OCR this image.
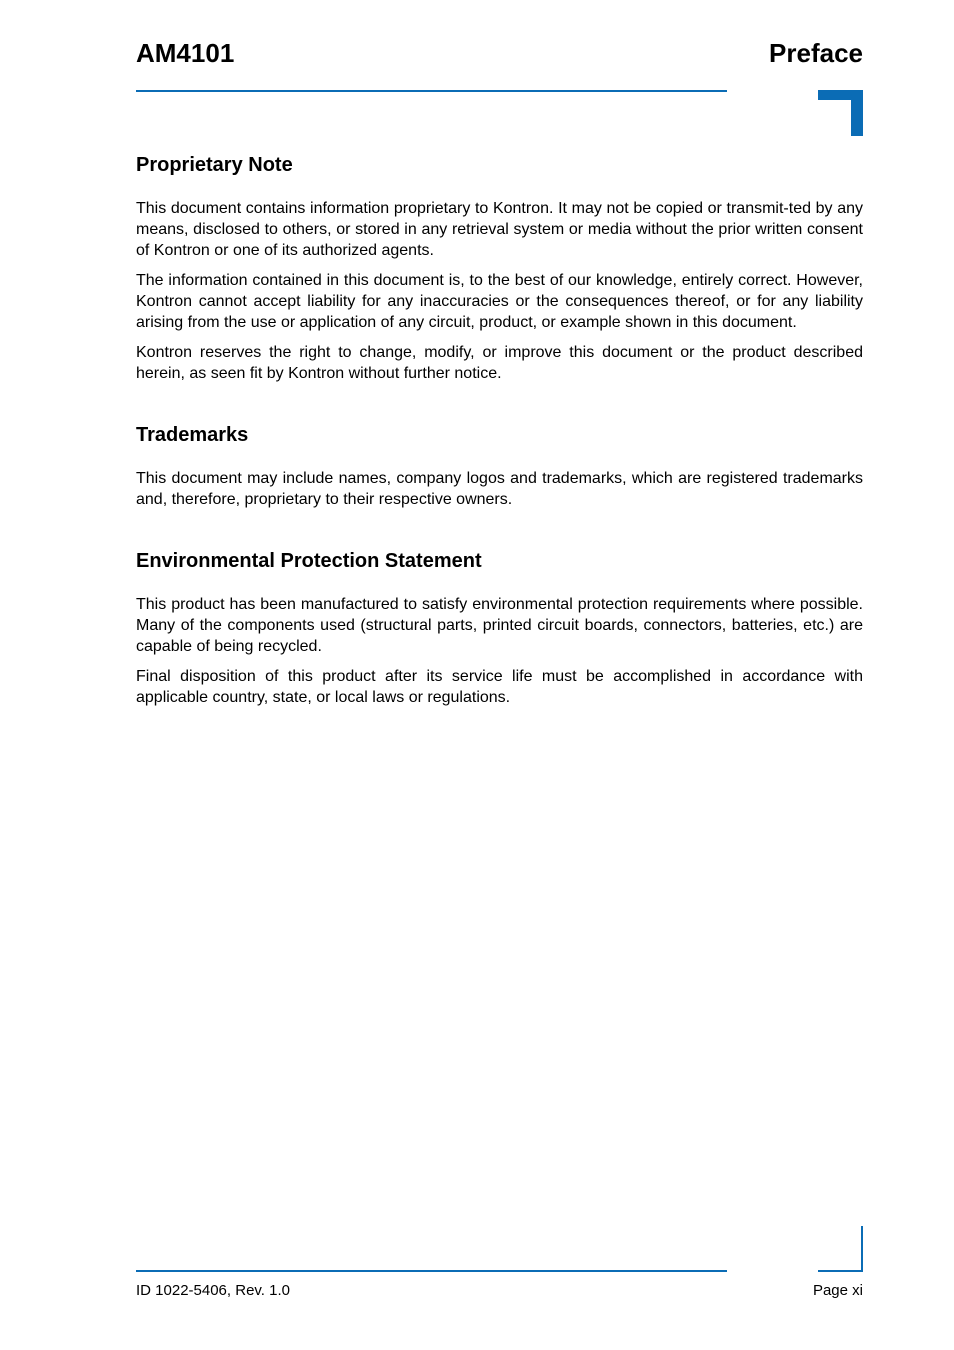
AM4101	Preface
Proprietary Note

This document contains information proprietary to Kontron. It may not be copied or transmit-ted by any means, disclosed to others, or stored in any retrieval system or media without the prior written consent of Kontron or one of its authorized agents.

The information contained in this document is, to the best of our knowledge, entirely correct. However, Kontron cannot accept liability for any inaccuracies or the consequences thereof, or for any liability arising from the use or application of any circuit, product, or example shown in this document.

Kontron reserves the right to change, modify, or improve this document or the product described herein, as seen fit by Kontron without further notice.

Trademarks

This document may include names, company logos and trademarks, which are registered trademarks and, therefore, proprietary to their respective owners.

Environmental Protection Statement

This product has been manufactured to satisfy environmental protection requirements where possible. Many of the components used (structural parts, printed circuit boards, connectors, batteries, etc.) are capable of being recycled.

Final disposition of this product after its service life must be accomplished in accordance with applicable country, state, or local laws or regulations.

ID 1022-5406, Rev. 1.0	Page xi
